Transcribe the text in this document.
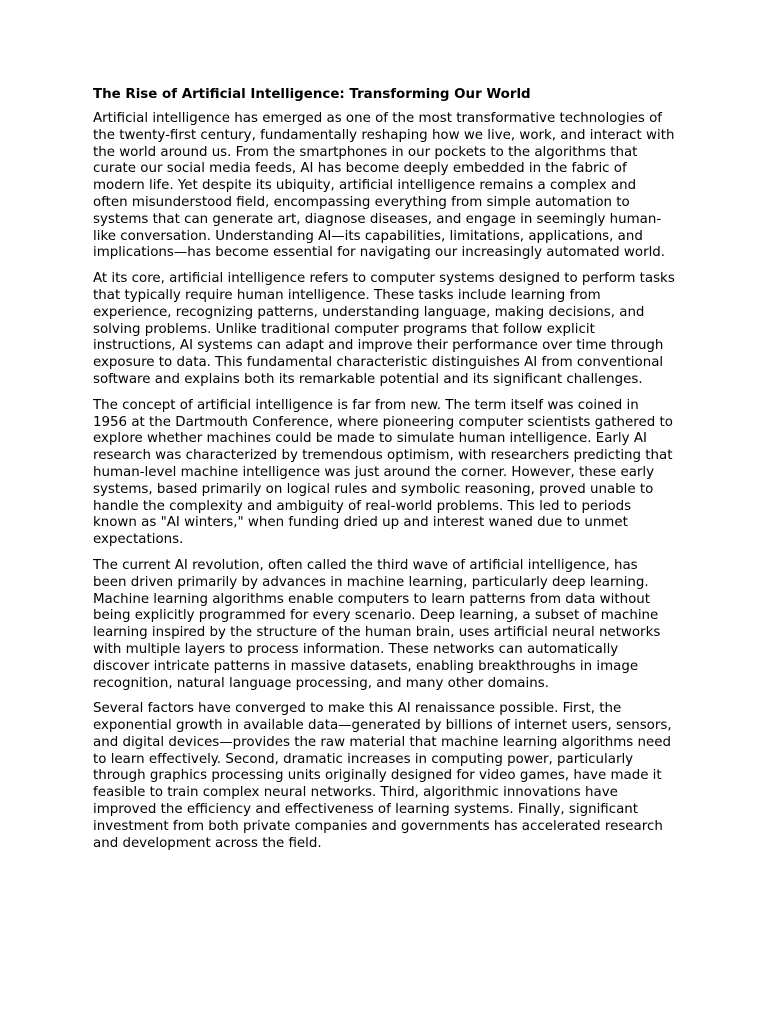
The Rise of Artificial Intelligence: Transforming Our World

Artificial intelligence has emerged as one of the most transformative technologies of the twenty-first century, fundamentally reshaping how we live, work, and interact with the world around us. From the smartphones in our pockets to the algorithms that curate our social media feeds, AI has become deeply embedded in the fabric of modern life. Yet despite its ubiquity, artificial intelligence remains a complex and often misunderstood field, encompassing everything from simple automation to systems that can generate art, diagnose diseases, and engage in seemingly human-like conversation. Understanding AI—its capabilities, limitations, applications, and implications—has become essential for navigating our increasingly automated world.

At its core, artificial intelligence refers to computer systems designed to perform tasks that typically require human intelligence. These tasks include learning from experience, recognizing patterns, understanding language, making decisions, and solving problems. Unlike traditional computer programs that follow explicit instructions, AI systems can adapt and improve their performance over time through exposure to data. This fundamental characteristic distinguishes AI from conventional software and explains both its remarkable potential and its significant challenges.

The concept of artificial intelligence is far from new. The term itself was coined in 1956 at the Dartmouth Conference, where pioneering computer scientists gathered to explore whether machines could be made to simulate human intelligence. Early AI research was characterized by tremendous optimism, with researchers predicting that human-level machine intelligence was just around the corner. However, these early systems, based primarily on logical rules and symbolic reasoning, proved unable to handle the complexity and ambiguity of real-world problems. This led to periods known as "AI winters," when funding dried up and interest waned due to unmet expectations.

The current AI revolution, often called the third wave of artificial intelligence, has been driven primarily by advances in machine learning, particularly deep learning. Machine learning algorithms enable computers to learn patterns from data without being explicitly programmed for every scenario. Deep learning, a subset of machine learning inspired by the structure of the human brain, uses artificial neural networks with multiple layers to process information. These networks can automatically discover intricate patterns in massive datasets, enabling breakthroughs in image recognition, natural language processing, and many other domains.

Several factors have converged to make this AI renaissance possible. First, the exponential growth in available data—generated by billions of internet users, sensors, and digital devices—provides the raw material that machine learning algorithms need to learn effectively. Second, dramatic increases in computing power, particularly through graphics processing units originally designed for video games, have made it feasible to train complex neural networks. Third, algorithmic innovations have improved the efficiency and effectiveness of learning systems. Finally, significant investment from both private companies and governments has accelerated research and development across the field.
